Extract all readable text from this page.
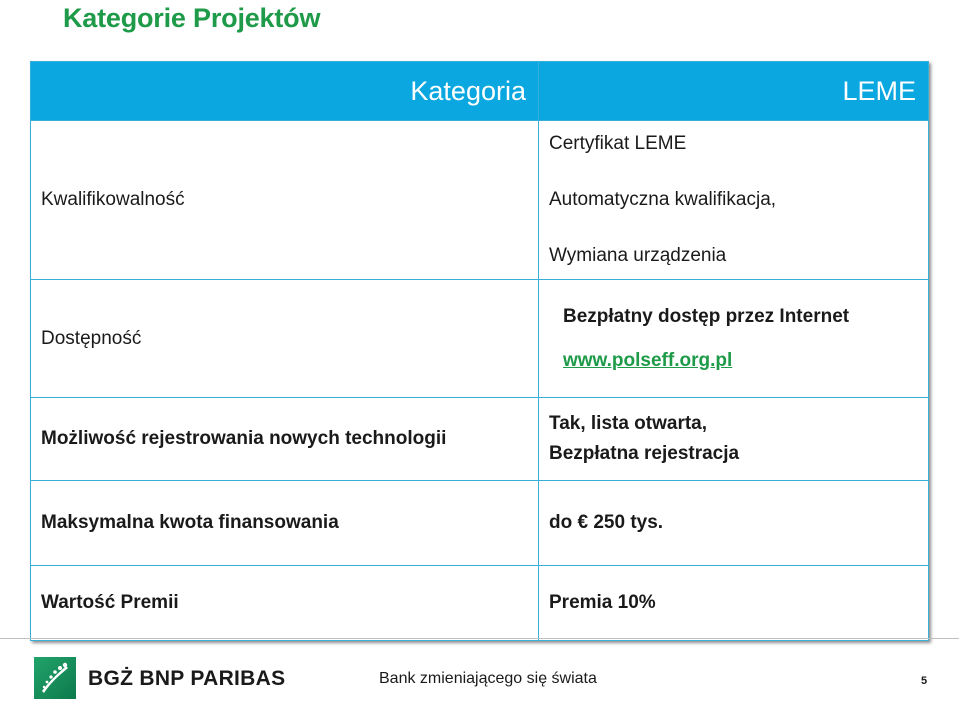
Kategorie Projektów
Kategoria	LEME
Kwalifikowalność	Certyfikat LEME

Automatyczna kwalifikacja,

Wymiana urządzenia

Dostępność	Bezpłatny dostęp przez Internet

www.polseff.org.pl

Możliwość rejestrowania nowych technologii	Tak, lista otwarta,

Bezpłatna rejestracja

Maksymalna kwota finansowania	do € 250 tys.
Wartość Premii	Premia 10%
BGŻ BNP PARIBAS	Bank zmieniającego się świata	5
